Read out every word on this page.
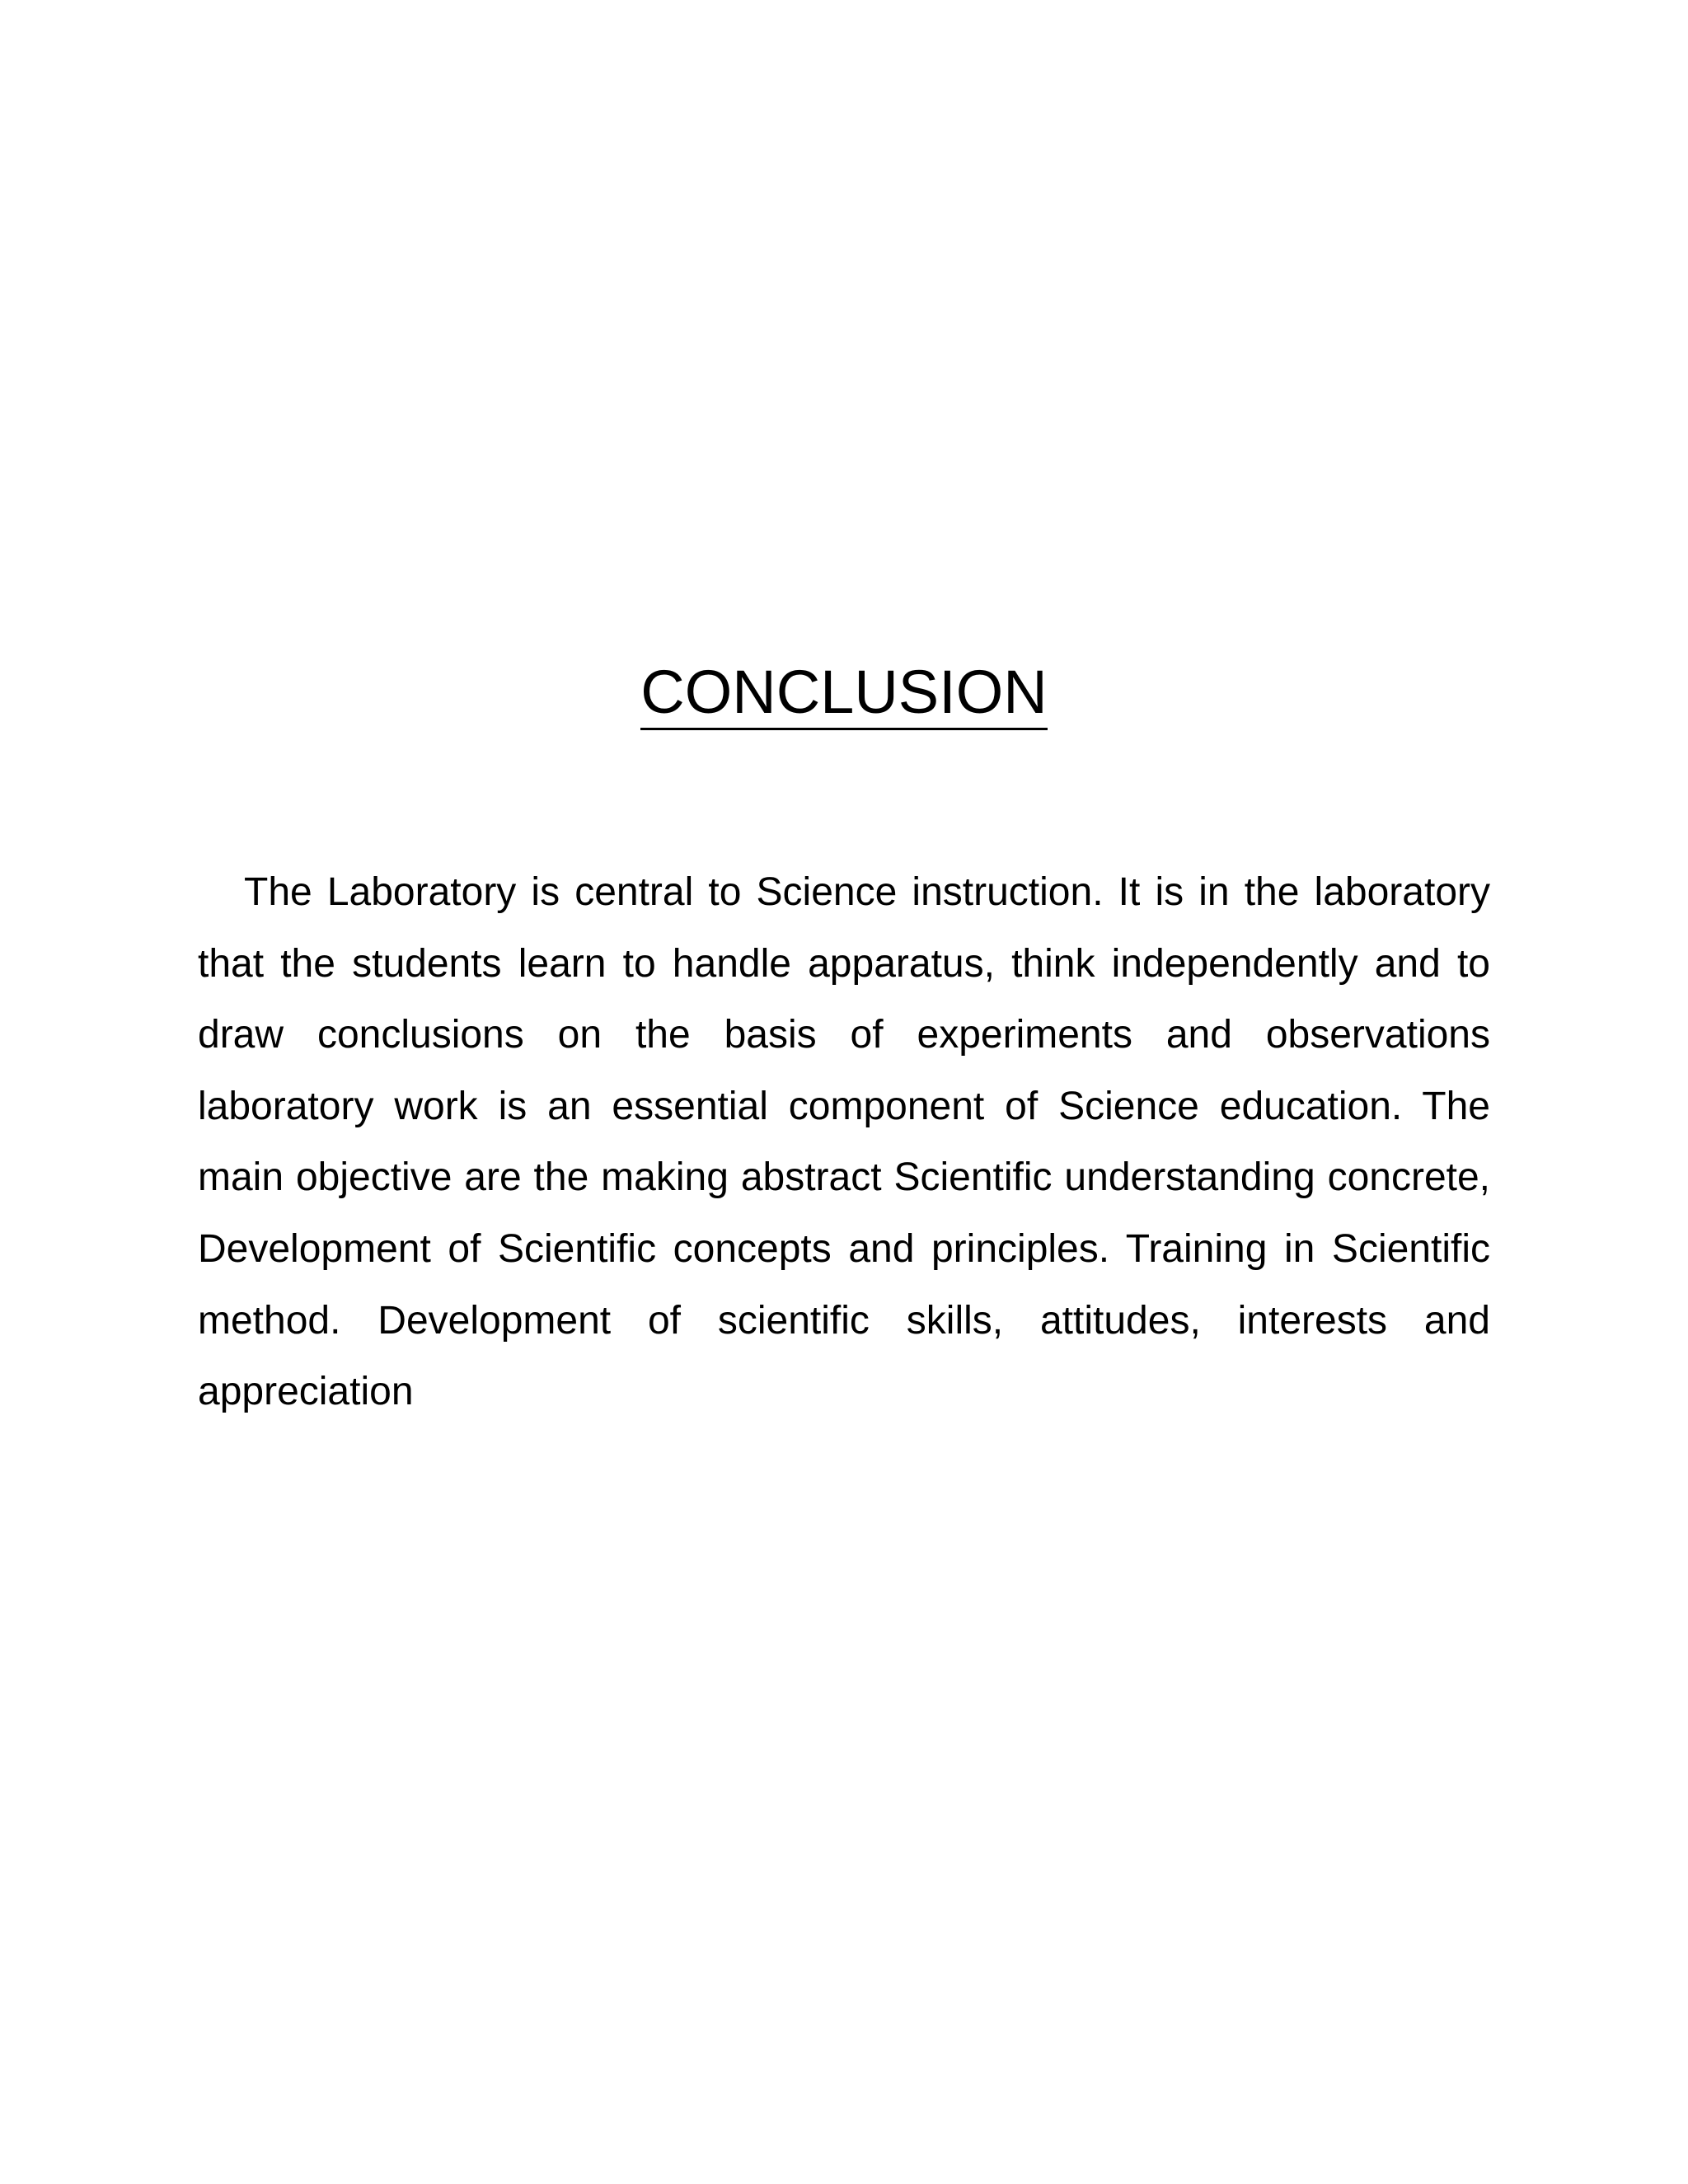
CONCLUSION

The Laboratory is central to Science instruction. It is in the laboratory that the students learn to handle apparatus, think independently and to draw conclusions on the basis of experiments and observations laboratory work is an essential component of Science education. The main objective are the making abstract Scientific understanding concrete, Development of Scientific concepts and principles. Training in Scientific method. Development of scientific skills, attitudes, interests and appreciation
